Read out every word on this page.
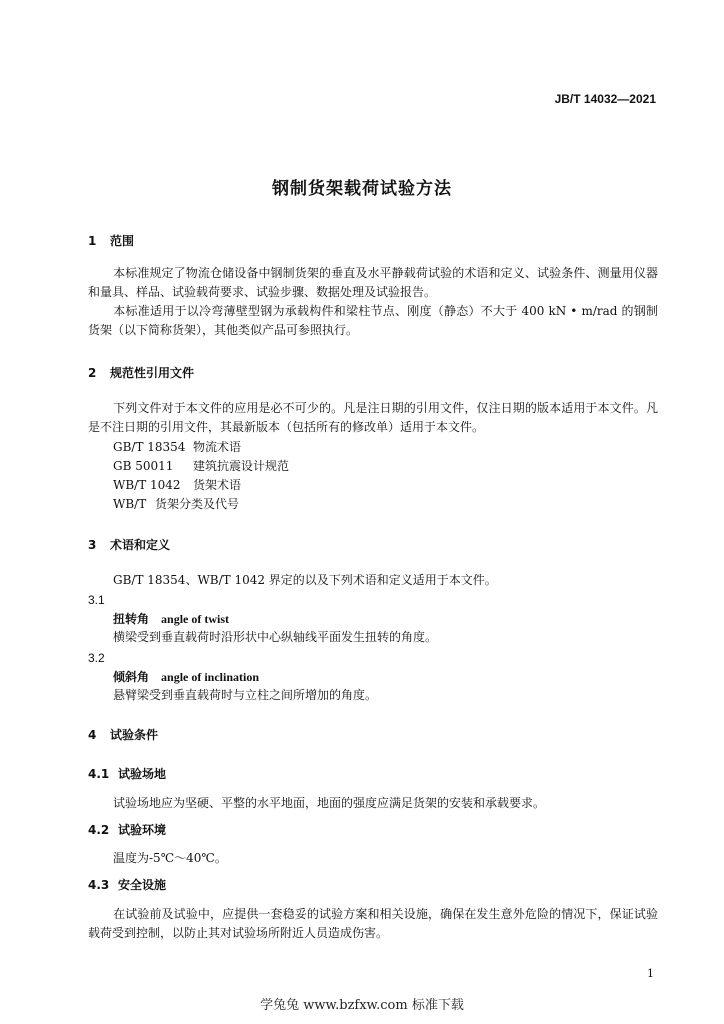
JB/T 14032—2021
钢制货架载荷试验方法
1 范围
本标准规定了物流仓储设备中钢制货架的垂直及水平静载荷试验的术语和定义、试验条件、测量用仪器和量具、样品、试验载荷要求、试验步骤、数据处理及试验报告。
本标准适用于以冷弯薄壁型钢为承载构件和梁柱节点、刚度（静态）不大于 400 kN • m/rad 的钢制货架（以下简称货架），其他类似产品可参照执行。
2 规范性引用文件
下列文件对于本文件的应用是必不可少的。凡是注日期的引用文件，仅注日期的版本适用于本文件。凡是不注日期的引用文件，其最新版本（包括所有的修改单）适用于本文件。
GB/T 18354 物流术语
GB 50011 建筑抗震设计规范
WB/T 1042 货架术语
WB/T 货架分类及代号
3 术语和定义
GB/T 18354、WB/T 1042 界定的以及下列术语和定义适用于本文件。
3.1
扭转角 angle of twist
横梁受到垂直载荷时沿形状中心纵轴线平面发生扭转的角度。
3.2
倾斜角 angle of inclination
悬臂梁受到垂直载荷时与立柱之间所增加的角度。
4 试验条件
4.1 试验场地
试验场地应为坚硬、平整的水平地面，地面的强度应满足货架的安装和承载要求。
4.2 试验环境
温度为-5℃～40℃。
4.3 安全设施
在试验前及试验中，应提供一套稳妥的试验方案和相关设施，确保在发生意外危险的情况下，保证试验载荷受到控制，以防止其对试验场所附近人员造成伤害。
1
学兔兔 www.bzfxw.com 标准下载
